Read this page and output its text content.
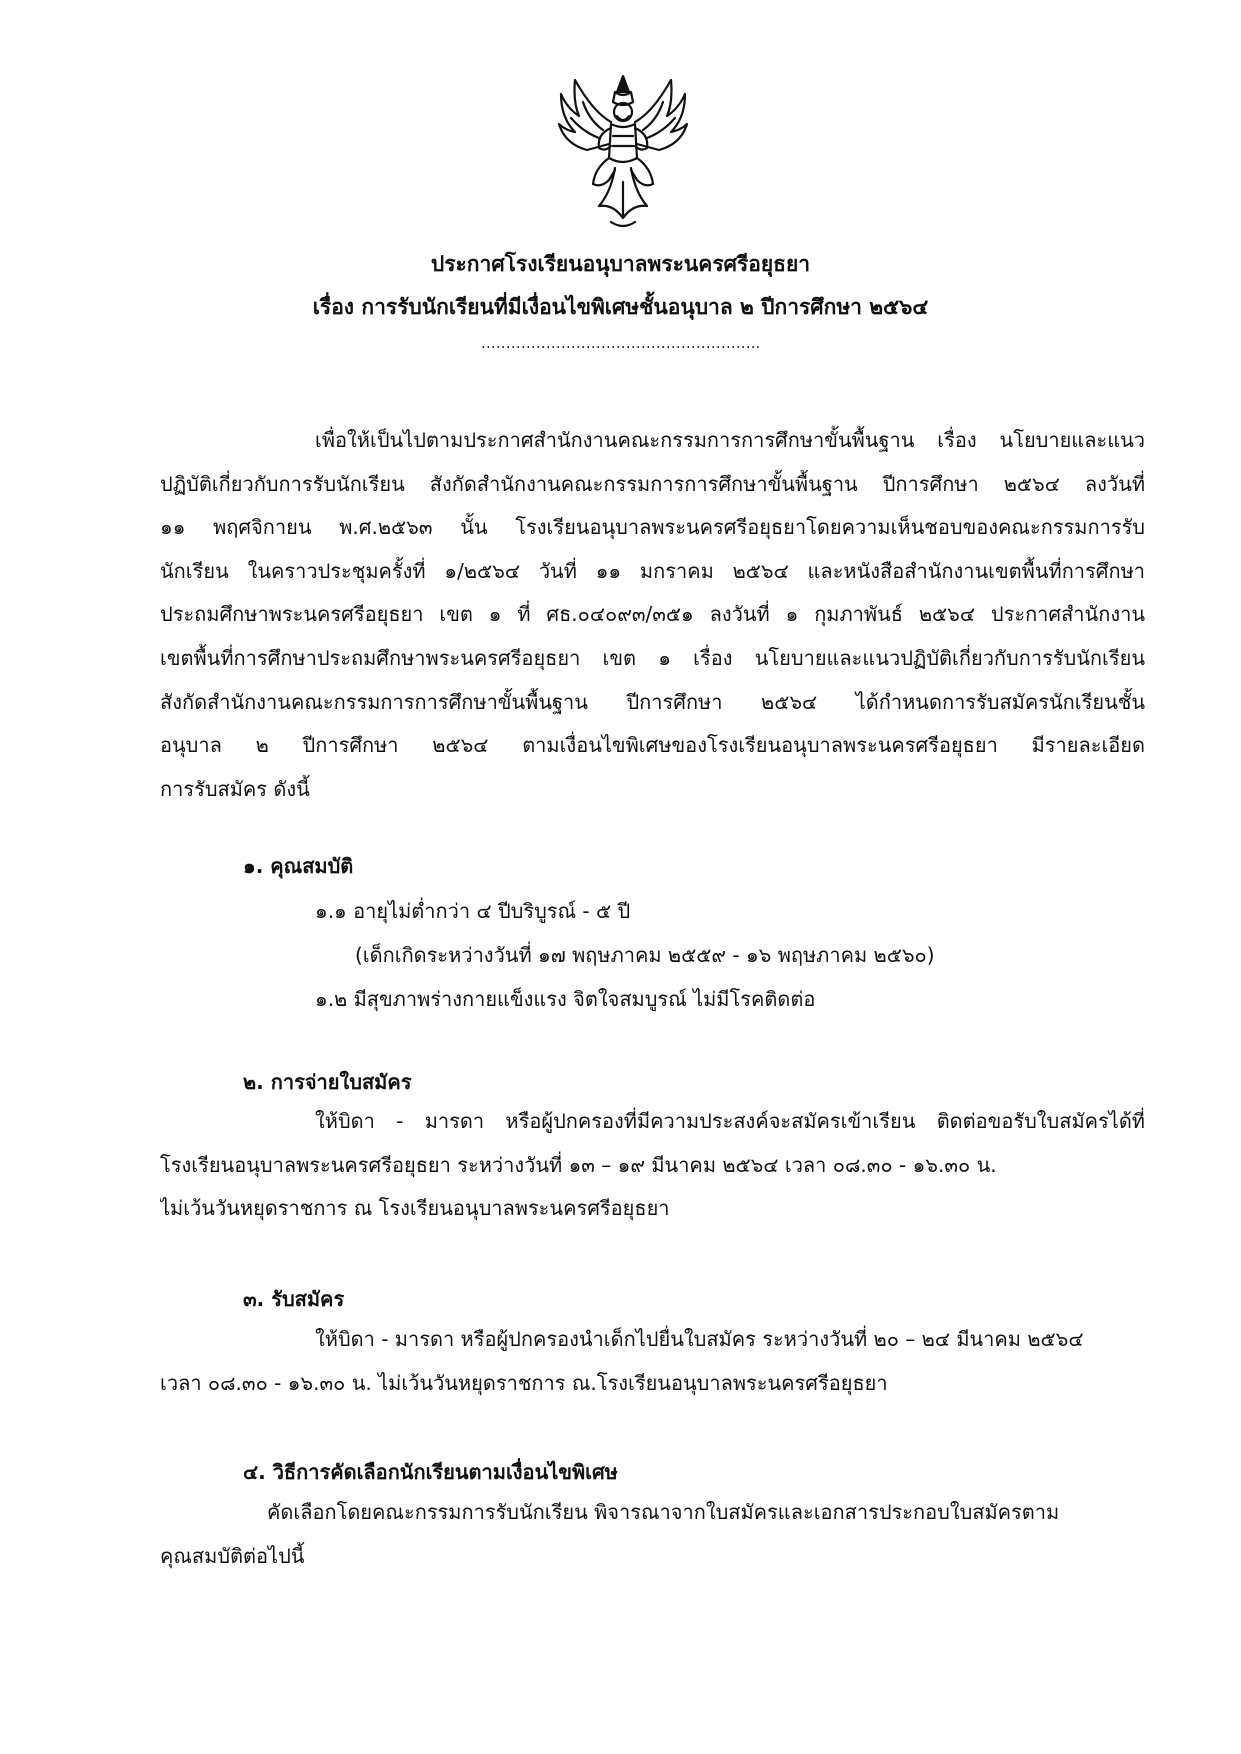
ประกาศโรงเรียนอนุบาลพระนครศรีอยุธยา
เรื่อง การรับนักเรียนที่มีเงื่อนไขพิเศษชั้นอนุบาล ๒ ปีการศึกษา ๒๕๖๔
………………………………………………..
เพื่อให้เป็นไปตามประกาศสำนักงานคณะกรรมการการศึกษาขั้นพื้นฐาน เรื่อง นโยบายและแนว
ปฏิบัติเกี่ยวกับการรับนักเรียน สังกัดสำนักงานคณะกรรมการการศึกษาขั้นพื้นฐาน ปีการศึกษา ๒๕๖๔ ลงวันที่
๑๑ พฤศจิกายน พ.ศ.๒๕๖๓ นั้น โรงเรียนอนุบาลพระนครศรีอยุธยาโดยความเห็นชอบของคณะกรรมการรับ
นักเรียน ในคราวประชุมครั้งที่ ๑/๒๕๖๔ วันที่ ๑๑ มกราคม ๒๕๖๔ และหนังสือสำนักงานเขตพื้นที่การศึกษา
ประถมศึกษาพระนครศรีอยุธยา เขต ๑ ที่ ศธ.๐๔๐๙๓/๓๕๑ ลงวันที่ ๑ กุมภาพันธ์ ๒๕๖๔ ประกาศสำนักงาน
เขตพื้นที่การศึกษาประถมศึกษาพระนครศรีอยุธยา เขต ๑ เรื่อง นโยบายและแนวปฏิบัติเกี่ยวกับการรับนักเรียน
สังกัดสำนักงานคณะกรรมการการศึกษาขั้นพื้นฐาน ปีการศึกษา ๒๕๖๔ ได้กำหนดการรับสมัครนักเรียนชั้น
อนุบาล ๒ ปีการศึกษา ๒๕๖๔ ตามเงื่อนไขพิเศษของโรงเรียนอนุบาลพระนครศรีอยุธยา มีรายละเอียด
การรับสมัคร ดังนี้
๑. คุณสมบัติ
๑.๑ อายุไม่ต่ำกว่า ๔ ปีบริบูรณ์ - ๕ ปี
(เด็กเกิดระหว่างวันที่ ๑๗ พฤษภาคม ๒๕๕๙ - ๑๖ พฤษภาคม ๒๕๖๐)
๑.๒ มีสุขภาพร่างกายแข็งแรง จิตใจสมบูรณ์ ไม่มีโรคติดต่อ
๒. การจ่ายใบสมัคร
ให้บิดา - มารดา หรือผู้ปกครองที่มีความประสงค์จะสมัครเข้าเรียน ติดต่อขอรับใบสมัครได้ที่
โรงเรียนอนุบาลพระนครศรีอยุธยา ระหว่างวันที่ ๑๓ – ๑๙ มีนาคม ๒๕๖๔ เวลา ๐๘.๓๐ - ๑๖.๓๐ น.
ไม่เว้นวันหยุดราชการ ณ โรงเรียนอนุบาลพระนครศรีอยุธยา
๓. รับสมัคร
ให้บิดา - มารดา หรือผู้ปกครองนำเด็กไปยื่นใบสมัคร ระหว่างวันที่ ๒๐ – ๒๔ มีนาคม ๒๕๖๔
เวลา ๐๘.๓๐ - ๑๖.๓๐ น. ไม่เว้นวันหยุดราชการ ณ.โรงเรียนอนุบาลพระนครศรีอยุธยา
๔. วิธีการคัดเลือกนักเรียนตามเงื่อนไขพิเศษ
คัดเลือกโดยคณะกรรมการรับนักเรียน พิจารณาจากใบสมัครและเอกสารประกอบใบสมัครตาม
คุณสมบัติต่อไปนี้
